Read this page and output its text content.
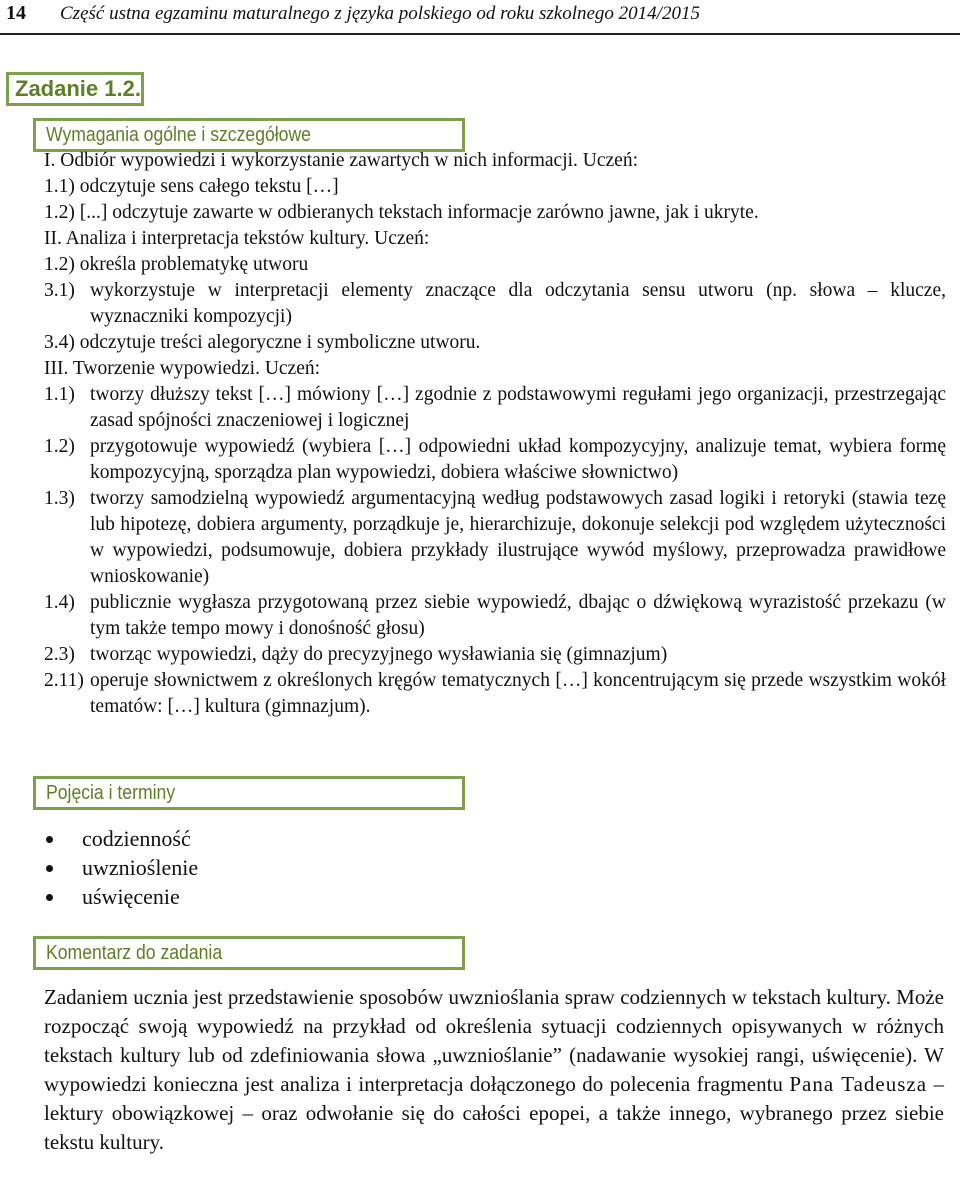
14 Część ustna egzaminu maturalnego z języka polskiego od roku szkolnego 2014/2015
Zadanie 1.2.
Wymagania ogólne i szczegółowe
I. Odbiór wypowiedzi i wykorzystanie zawartych w nich informacji. Uczeń:
1.1) odczytuje sens całego tekstu […]
1.2) [...] odczytuje zawarte w odbieranych tekstach informacje zarówno jawne, jak i ukryte.
II. Analiza i interpretacja tekstów kultury. Uczeń:
1.2) określa problematykę utworu
3.1) wykorzystuje w interpretacji elementy znaczące dla odczytania sensu utworu (np. słowa – klucze, wyznaczniki kompozycji)
3.4) odczytuje treści alegoryczne i symboliczne utworu.
III. Tworzenie wypowiedzi. Uczeń:
1.1) tworzy dłuższy tekst […] mówiony […] zgodnie z podstawowymi regułami jego organizacji, przestrzegając zasad spójności znaczeniowej i logicznej
1.2) przygotowuje wypowiedź (wybiera […] odpowiedni układ kompozycyjny, analizuje temat, wybiera formę kompozycyjną, sporządza plan wypowiedzi, dobiera właściwe słownictwo)
1.3) tworzy samodzielną wypowiedź argumentacyjną według podstawowych zasad logiki i retoryki (stawia tezę lub hipotezę, dobiera argumenty, porządkuje je, hierarchizuje, dokonuje selekcji pod względem użyteczności w wypowiedzi, podsumowuje, dobiera przykłady ilustrujące wywód myślowy, przeprowadza prawidłowe wnioskowanie)
1.4) publicznie wygłasza przygotowaną przez siebie wypowiedź, dbając o dźwiękową wyrazistość przekazu (w tym także tempo mowy i donośność głosu)
2.3) tworząc wypowiedzi, dąży do precyzyjnego wysławiania się (gimnazjum)
2.11) operuje słownictwem z określonych kręgów tematycznych […] koncentrującym się przede wszystkim wokół tematów: […] kultura (gimnazjum).
Pojęcia i terminy
codzienność
uwznioślenie
uświęcenie
Komentarz do zadania
Zadaniem ucznia jest przedstawienie sposobów uwznioślania spraw codziennych w tekstach kultury. Może rozpocząć swoją wypowiedź na przykład od określenia sytuacji codziennych opisywanych w różnych tekstach kultury lub od zdefiniowania słowa „uwznioślanie” (nadawanie wysokiej rangi, uświęcenie). W wypowiedzi konieczna jest analiza i interpretacja dołączonego do polecenia fragmentu Pana Tadeusza – lektury obowiązkowej – oraz odwołanie się do całości epopei, a także innego, wybranego przez siebie tekstu kultury.
